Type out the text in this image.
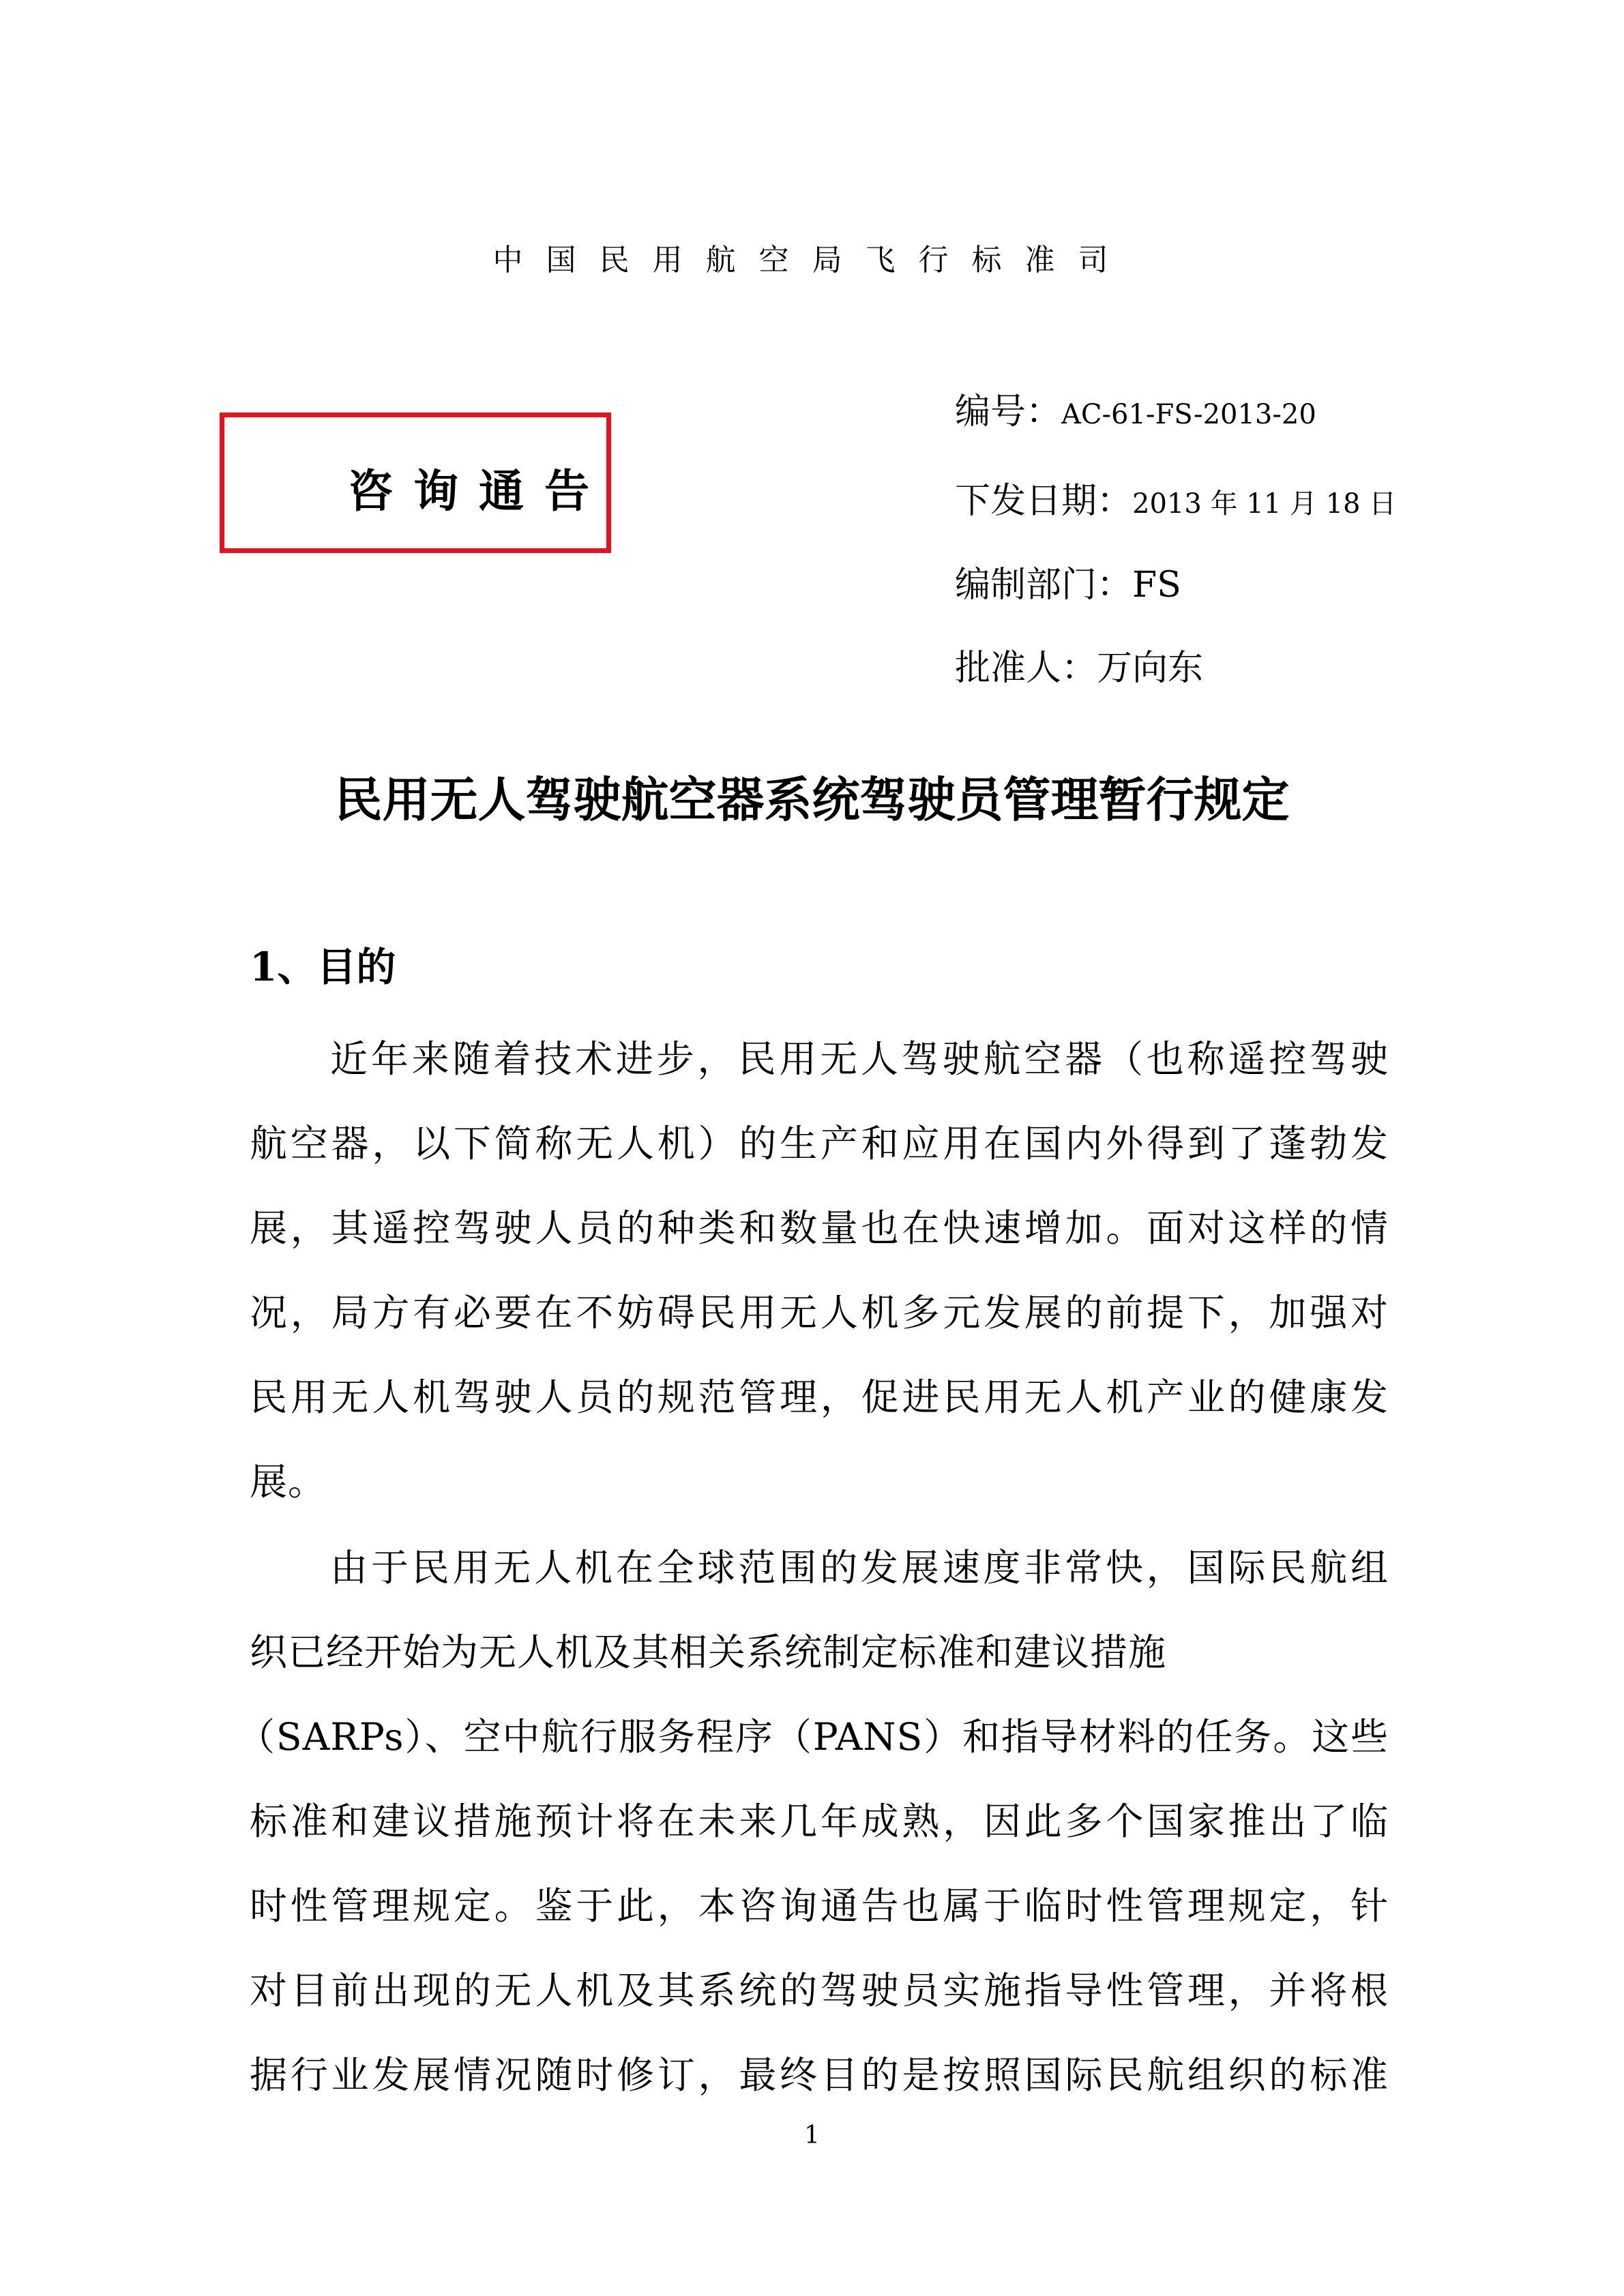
中国民用航空局飞行标准司
咨询通告
编号：AC-61-FS-2013-20
下发日期：2013 年 11 月 18 日
编制部门：FS
批准人：万向东
民用无人驾驶航空器系统驾驶员管理暂行规定
1、目的
近年来随着技术进步，民用无人驾驶航空器（也称遥控驾驶
航空器，以下简称无人机）的生产和应用在国内外得到了蓬勃发
展，其遥控驾驶人员的种类和数量也在快速增加。面对这样的情
况，局方有必要在不妨碍民用无人机多元发展的前提下，加强对
民用无人机驾驶人员的规范管理，促进民用无人机产业的健康发
展。
由于民用无人机在全球范围的发展速度非常快，国际民航组
织已经开始为无人机及其相关系统制定标准和建议措施
（SARPs）、空中航行服务程序（PANS）和指导材料的任务。这些
标准和建议措施预计将在未来几年成熟，因此多个国家推出了临
时性管理规定。鉴于此，本咨询通告也属于临时性管理规定，针
对目前出现的无人机及其系统的驾驶员实施指导性管理，并将根
据行业发展情况随时修订，最终目的是按照国际民航组织的标准
1
